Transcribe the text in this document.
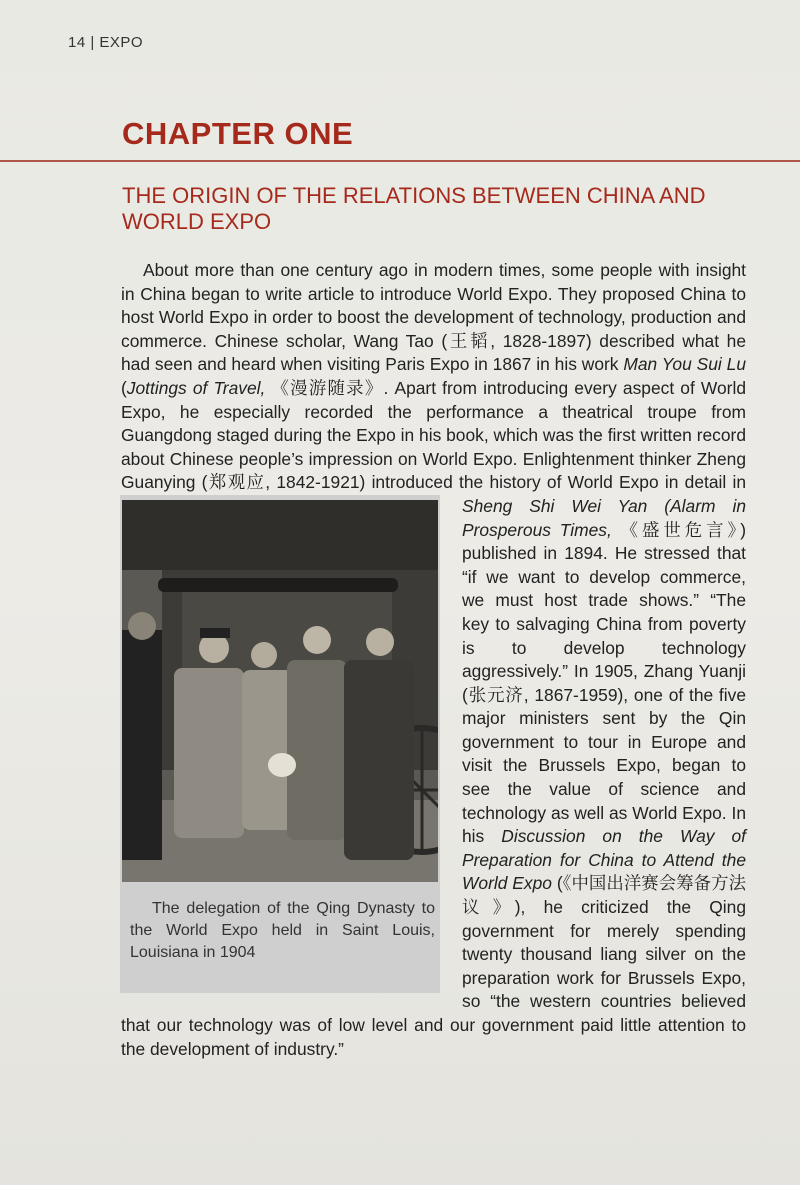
14 | EXPO
CHAPTER ONE
THE ORIGIN OF THE RELATIONS BETWEEN CHINA AND WORLD EXPO

About more than one century ago in modern times, some people with insight in China began to write article to introduce World Expo. They proposed China to host World Expo in order to boost the development of technology, production and commerce. Chinese scholar, Wang Tao (王韬, 1828-1897) described what he had seen and heard when visiting Paris Expo in 1867 in his work Man You Sui Lu (Jottings of Travel, 《漫游随录》. Apart from introducing every aspect of World Expo, he especially recorded the performance a theatrical troupe from Guangdong staged during the Expo in his book, which was the first written record about Chinese people’s impression on World Expo. Enlightenment thinker Zheng Guanying (郑观应, 1842-1921) introduced the history of World Expo in detail in
The delegation of the Qing Dynasty to the World Expo held in Saint Louis, Louisiana in 1904
Sheng Shi Wei Yan (Alarm in Prosperous Times, 《盛世危言》) published in 1894. He stressed that “if we want to develop commerce, we must host trade shows.” “The key to salvaging China from poverty is to develop technology aggressively.” In 1905, Zhang Yuanji (张元济, 1867-1959), one of the five major ministers sent by the Qin government to tour in Europe and visit the Brussels Expo, began to see the value of science and technology as well as World Expo. In his Discussion on the Way of Preparation for China to Attend the World Expo (《中国出洋赛会筹备方法议》), he criticized the Qing government for merely spending twenty thousand liang silver on the preparation work for Brussels Expo, so “the western countries believed that our technology was of low level and our government paid little attention to the development of industry.”
